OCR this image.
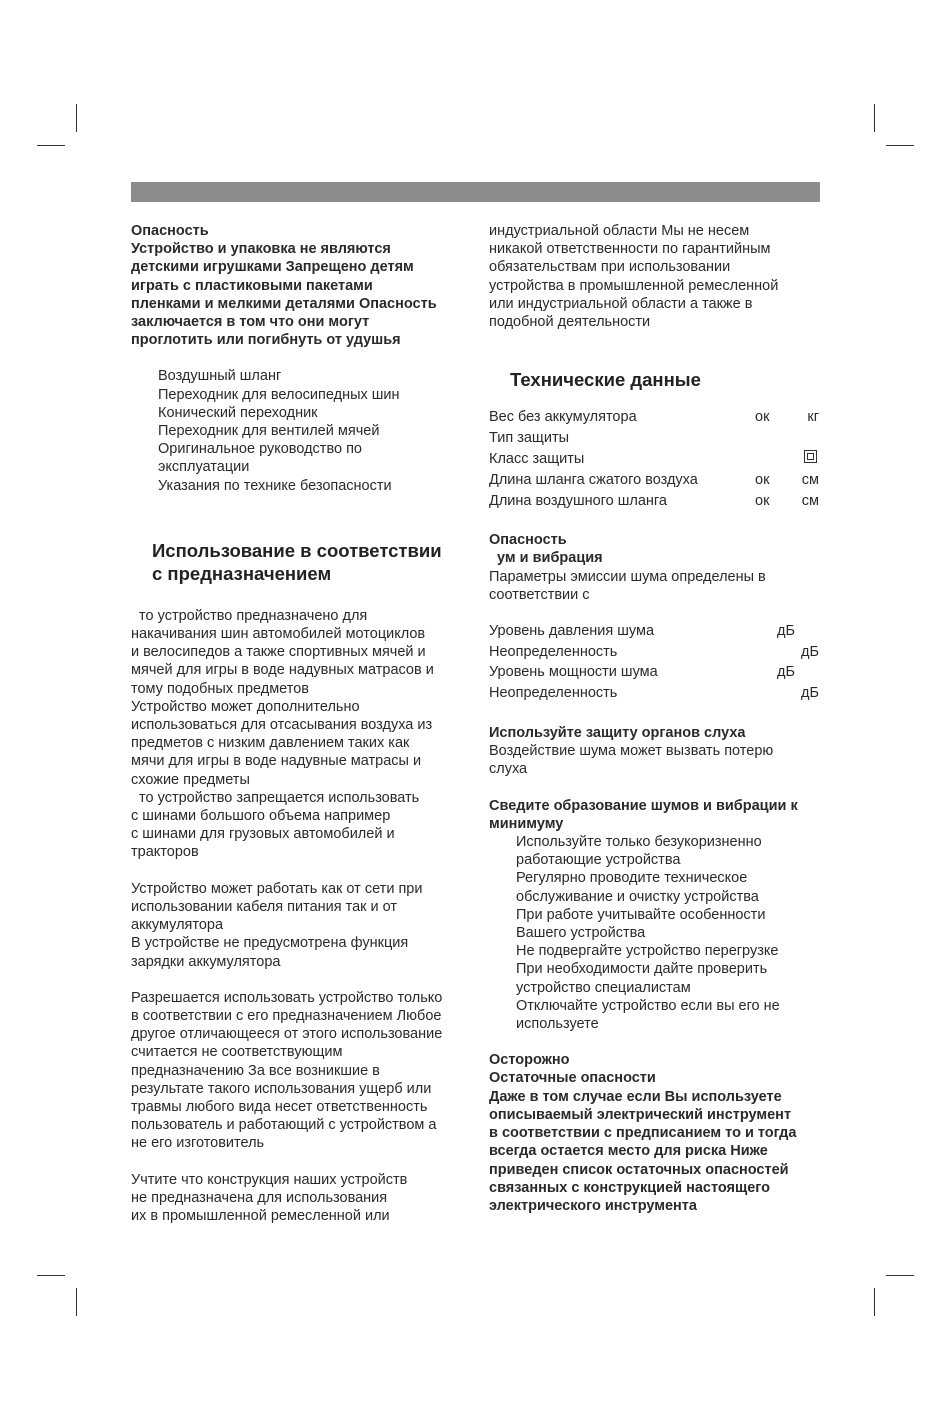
Опасность

Устройство и упаковка не являются

детскими игрушками Запрещено детям

играть с пластиковыми пакетами

пленками и мелкими деталями Опасность

заключается в том что они могут

проглотить или погибнуть от удушья

Воздушный шланг

Переходник для велосипедных шин

Конический переходник

Переходник для вентилей мячей

Оригинальное руководство по

эксплуатации

Указания по технике безопасности

Использование в соответствии

с предназначением

то устройство предназначено для

накачивания шин автомобилей мотоциклов

и велосипедов а также спортивных мячей и

мячей для игры в воде надувных матрасов и

тому подобных предметов

Устройство может дополнительно

использоваться для отсасывания воздуха из

предметов с низким давлением таких как

мячи для игры в воде надувные матрасы и

схожие предметы

то устройство запрещается использовать

с шинами большого объема например

с шинами для грузовых автомобилей и

тракторов

Устройство может работать как от сети при

использовании кабеля питания так и от

аккумулятора

В устройстве не предусмотрена функция

зарядки аккумулятора

Разрешается использовать устройство только

в соответствии с его предназначением Любое

другое отличающееся от этого использование

считается не соответствующим

предназначению За все возникшие в

результате такого использования ущерб или

травмы любого вида несет ответственность

пользователь и работающий с устройством а

не его изготовитель

Учтите что конструкция наших устройств

не предназначена для использования

их в промышленной ремесленной или

индустриальной области Мы не несем

никакой ответственности по гарантийным

обязательствам при использовании

устройства в промышленной ремесленной

или индустриальной области а также в

подобной деятельности

Технические данные

Вес без аккумулятора	ок	кг
Тип защиты
Класс защиты
Длина шланга сжатого воздуха	ок см
Длина воздушного шланга	ок см

Опасность

ум и вибрация

Параметры эмиссии шума определены в

соответствии с

Уровень давления шума	дБ
Неопределенность	дБ
Уровень мощности шума	дБ
Неопределенность	дБ

Используйте защиту органов слуха

Воздействие шума может вызвать потерю

слуха

Сведите образование шумов и вибрации к

минимуму

Используйте только безукоризненно

работающие устройства

Регулярно проводите техническое

обслуживание и очистку устройства

При работе учитывайте особенности

Вашего устройства

Не подвергайте устройство перегрузке

При необходимости дайте проверить

устройство специалистам

Отключайте устройство если вы его не

используете

Осторожно

Остаточные опасности

Даже в том случае если Вы используете

описываемый электрический инструмент

в соответствии с предписанием то и тогда

всегда остается место для риска Ниже

приведен список остаточных опасностей

связанных с конструкцией настоящего

электрического инструмента
